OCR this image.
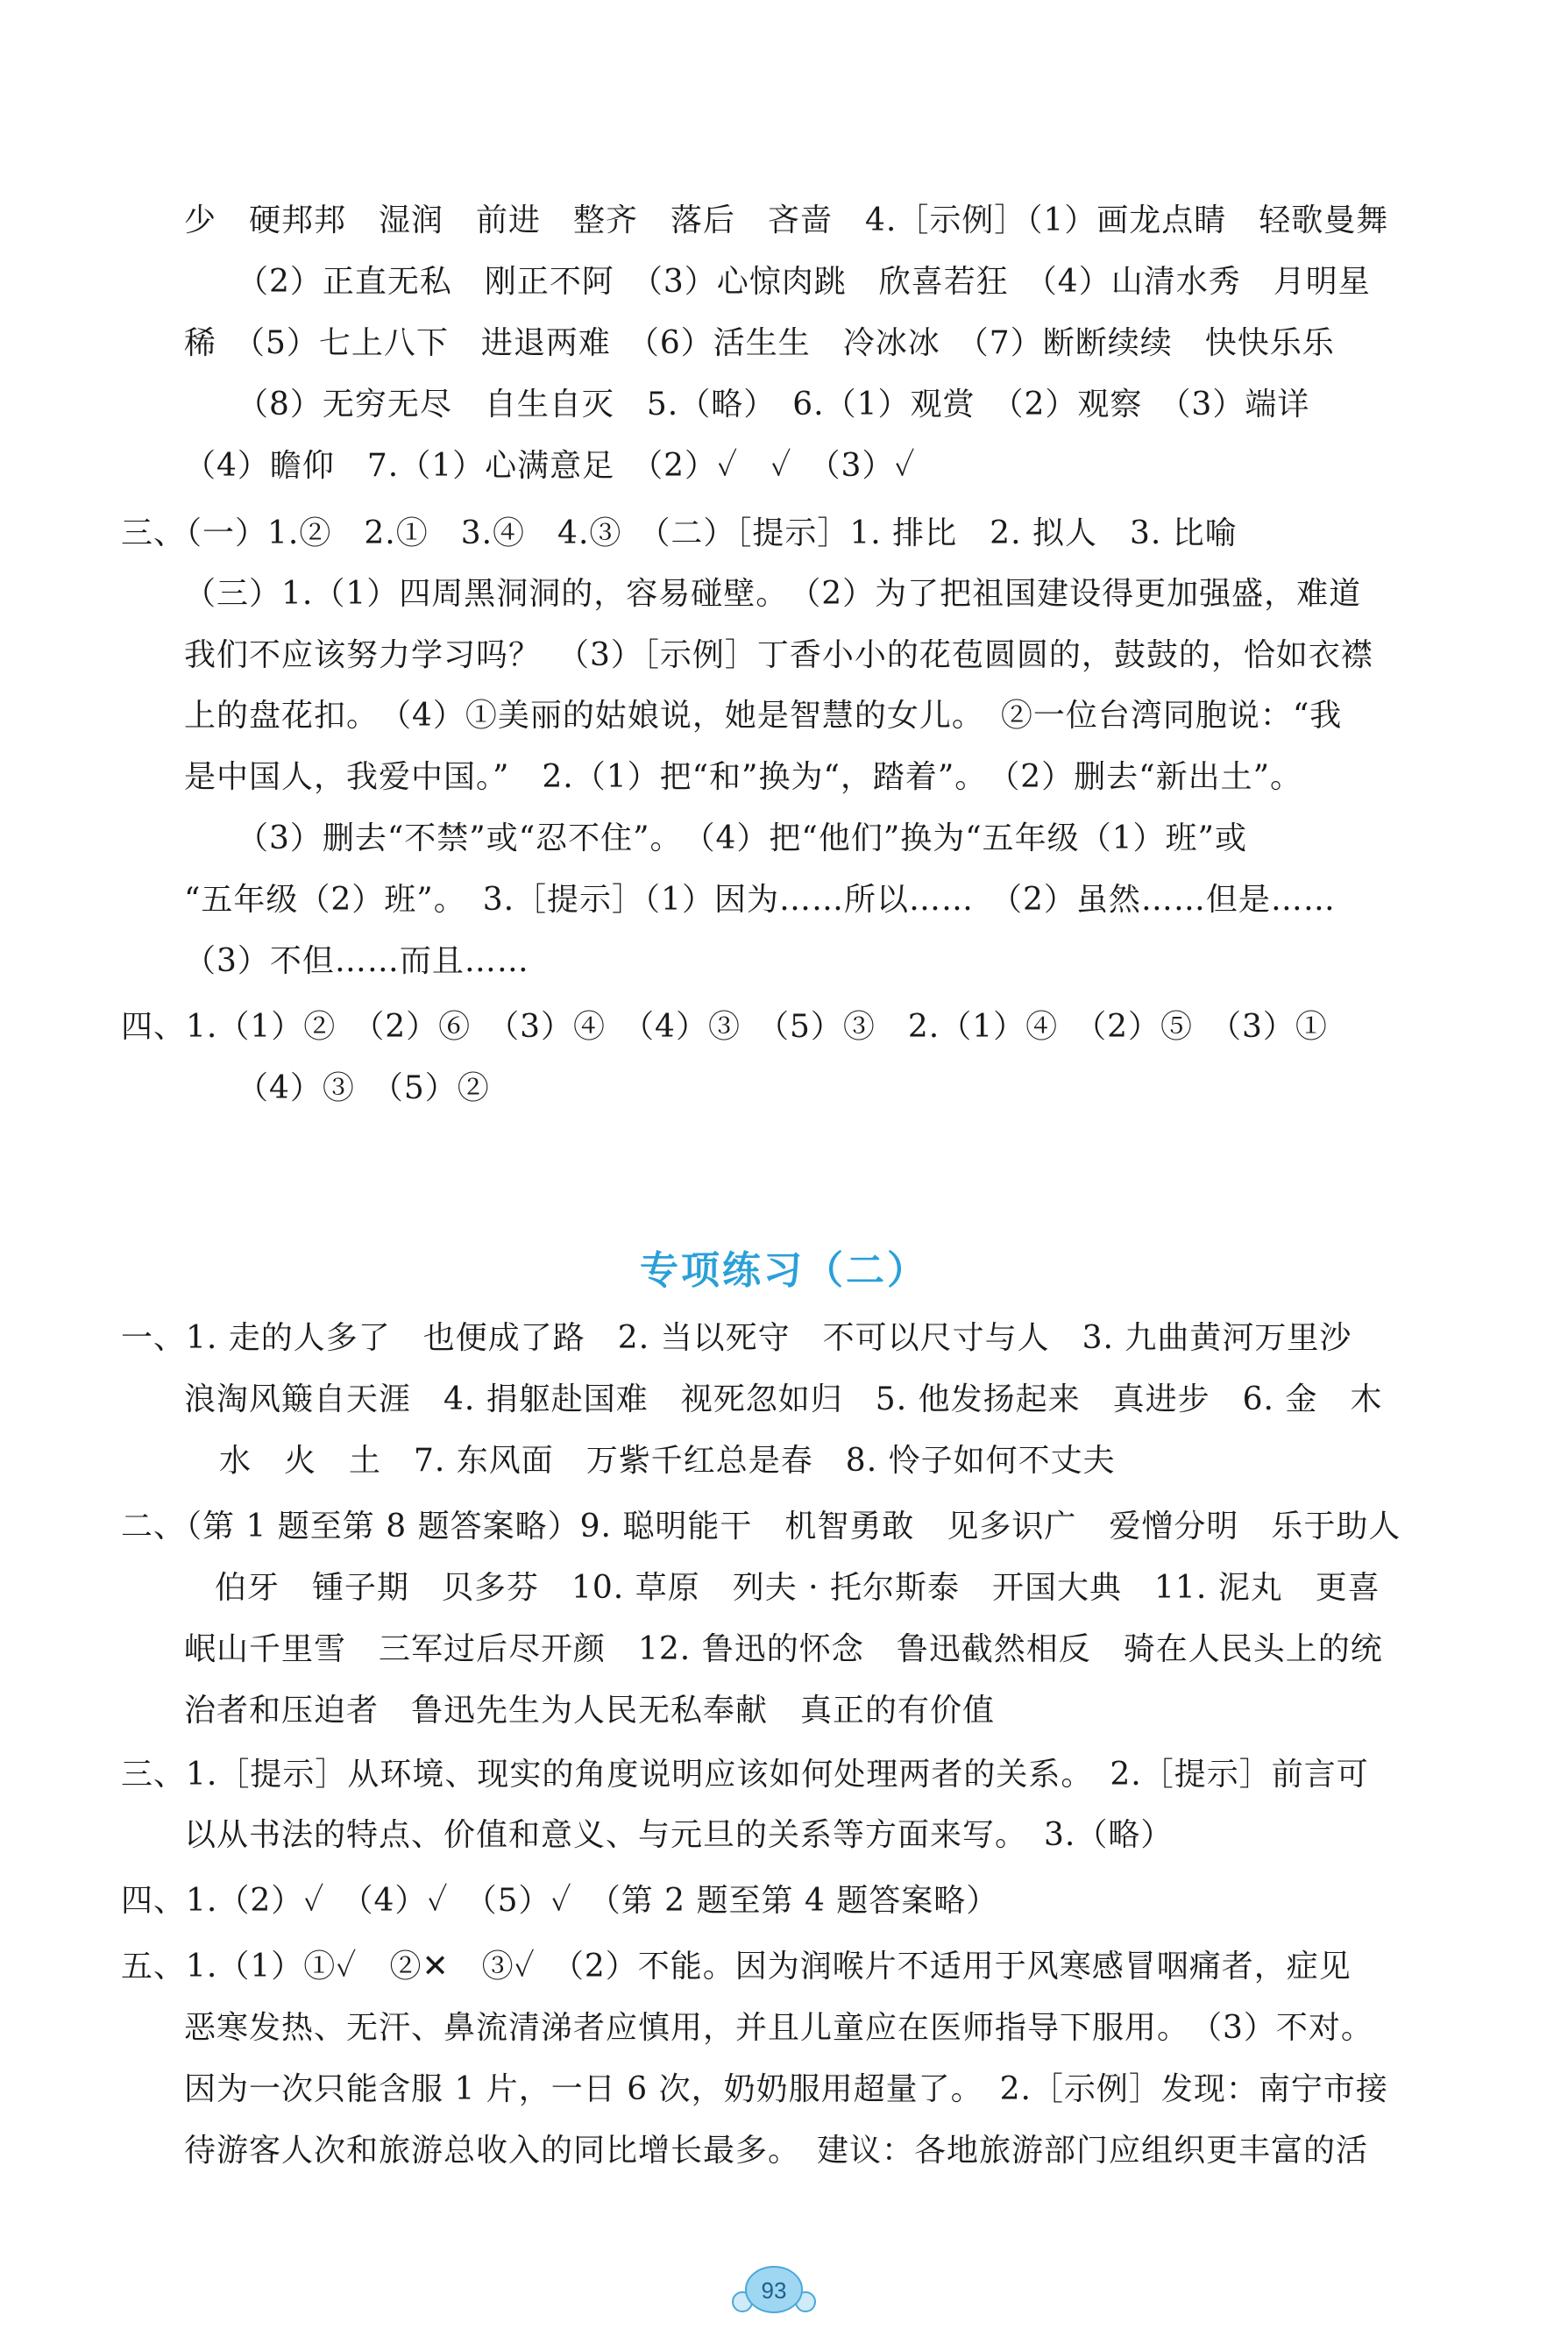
少　硬邦邦　湿润　前进　整齐　落后　吝啬　4.［示例］（1）画龙点睛　轻歌曼舞
（2）正直无私　刚正不阿　（3）心惊肉跳　欣喜若狂　（4）山清水秀　月明星
稀　（5）七上八下　进退两难　（6）活生生　冷冰冰　（7）断断续续　快快乐乐
（8）无穷无尽　自生自灭　5.（略）　6.（1）观赏　（2）观察　（3）端详
（4）瞻仰　7.（1）心满意足　（2）✓　✓　（3）✓
三、（一）1.②　2.①　3.④　4.③　（二）［提示］1. 排比　2. 拟人　3. 比喻
（三）1.（1）四周黑洞洞的，容易碰壁。　（2）为了把祖国建设得更加强盛，难道
我们不应该努力学习吗？　（3）［示例］丁香小小的花苞圆圆的，鼓鼓的，恰如衣襟
上的盘花扣。　（4）①美丽的姑娘说，她是智慧的女儿。　②一位台湾同胞说：“我
是中国人，我爱中国。”　2.（1）把“和”换为“，踏着”。　（2）删去“新出土”。
（3）删去“不禁”或“忍不住”。　（4）把“他们”换为“五年级（1）班”或
“五年级（2）班”。　3.［提示］（1）因为……所以……　（2）虽然……但是……
（3）不但……而且……
四、1.（1）②　（2）⑥　（3）④　（4）③　（5）③　2.（1）④　（2）⑤　（3）①
（4）③　（5）②
专项练习（二）
一、1. 走的人多了　也便成了路　2. 当以死守　不可以尺寸与人　3. 九曲黄河万里沙
浪淘风簸自天涯　4. 捐躯赴国难　视死忽如归　5. 他发扬起来　真进步　6. 金　木
水　火　土　7. 东风面　万紫千红总是春　8. 怜子如何不丈夫
二、（第 1 题至第 8 题答案略）9. 聪明能干　机智勇敢　见多识广　爱憎分明　乐于助人
伯牙　锺子期　贝多芬　10. 草原　列夫 · 托尔斯泰　开国大典　11. 泥丸　更喜
岷山千里雪　三军过后尽开颜　12. 鲁迅的怀念　鲁迅截然相反　骑在人民头上的统
治者和压迫者　鲁迅先生为人民无私奉献　真正的有价值
三、1.［提示］从环境、现实的角度说明应该如何处理两者的关系。　2.［提示］前言可
以从书法的特点、价值和意义、与元旦的关系等方面来写。　3.（略）
四、1.（2）✓　（4）✓　（5）✓　（第 2 题至第 4 题答案略）
五、1.（1）①✓　②✕　③✓　（2）不能。因为润喉片不适用于风寒感冒咽痛者，症见
恶寒发热、无汗、鼻流清涕者应慎用，并且儿童应在医师指导下服用。　（3）不对。
因为一次只能含服 1 片，一日 6 次，奶奶服用超量了。　2.［示例］发现：南宁市接
待游客人次和旅游总收入的同比增长最多。　建议：各地旅游部门应组织更丰富的活
93
